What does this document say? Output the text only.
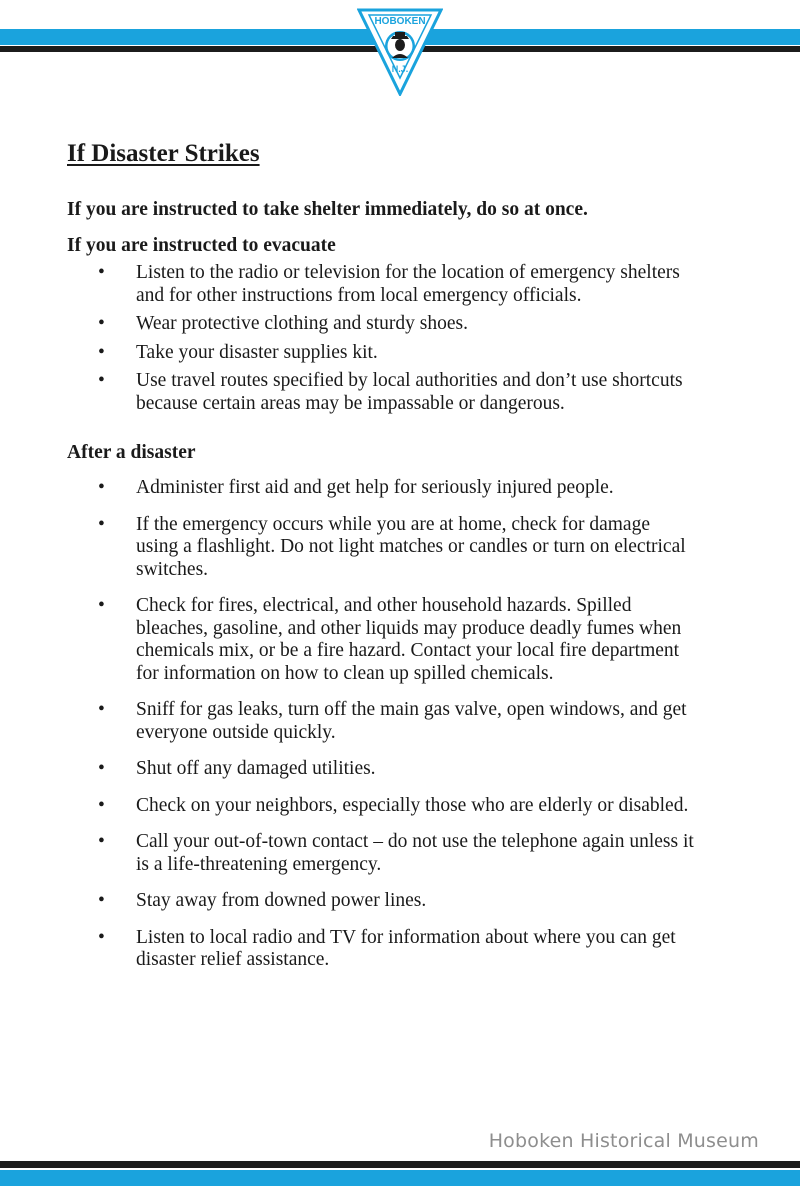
HOBOKEN
N.J.
If Disaster Strikes

If you are instructed to take shelter immediately, do so at once.

If you are instructed to evacuate
• Listen to the radio or television for the location of emergency shelters and for other instructions from local emergency officials.
• Wear protective clothing and sturdy shoes.
• Take your disaster supplies kit.
• Use travel routes specified by local authorities and don’t use shortcuts because certain areas may be impassable or dangerous.
After a disaster
• Administer first aid and get help for seriously injured people.
• If the emergency occurs while you are at home, check for damage using a flashlight. Do not light matches or candles or turn on electrical switches.
• Check for fires, electrical, and other household hazards. Spilled bleaches, gasoline, and other liquids may produce deadly fumes when chemicals mix, or be a fire hazard. Contact your local fire department for information on how to clean up spilled chemicals.
• Sniff for gas leaks, turn off the main gas valve, open windows, and get everyone outside quickly.
• Shut off any damaged utilities.
• Check on your neighbors, especially those who are elderly or disabled.
• Call your out-of-town contact – do not use the telephone again unless it is a life-threatening emergency.
• Stay away from downed power lines.
• Listen to local radio and TV for information about where you can get disaster relief assistance.
Hoboken Historical Museum
